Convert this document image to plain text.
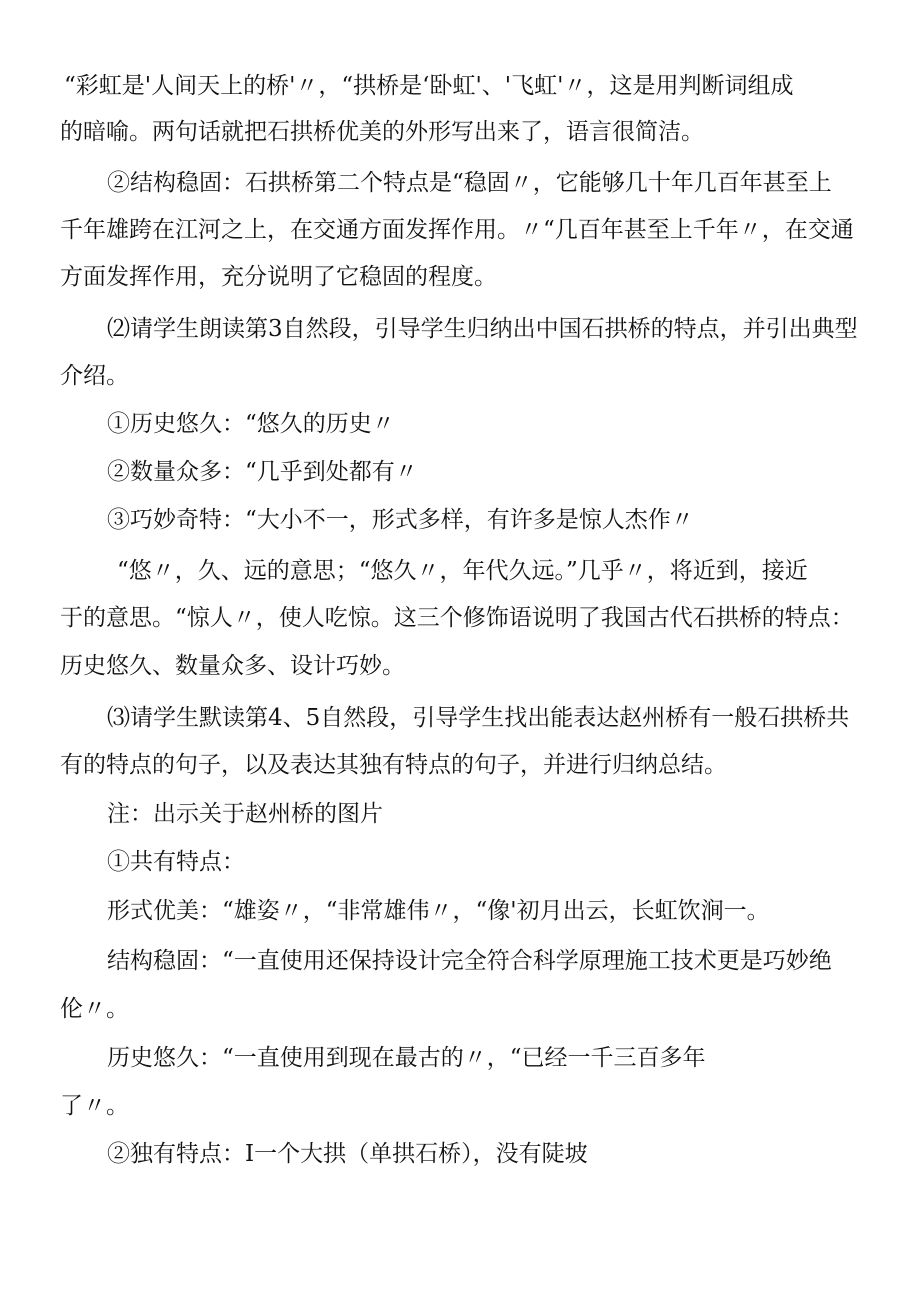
“彩虹是'人间天上的桥'〃，“拱桥是‘卧虹'、'飞虹'〃，这是用判断词组成
的暗喻。两句话就把石拱桥优美的外形写出来了，语言很简洁。
②结构稳固：石拱桥第二个特点是“稳固〃，它能够几十年几百年甚至上
千年雄跨在江河之上，在交通方面发挥作用。〃“几百年甚至上千年〃，在交通
方面发挥作用，充分说明了它稳固的程度。
⑵请学生朗读第3自然段，引导学生归纳出中国石拱桥的特点，并引出典型
介绍。
①历史悠久：“悠久的历史〃
②数量众多：“几乎到处都有〃
③巧妙奇特：“大小不一，形式多样，有许多是惊人杰作〃
“悠〃，久、远的意思；“悠久〃，年代久远。”几乎〃，将近到，接近
于的意思。“惊人〃，使人吃惊。这三个修饰语说明了我国古代石拱桥的特点：
历史悠久、数量众多、设计巧妙。
⑶请学生默读第4、5自然段，引导学生找出能表达赵州桥有一般石拱桥共
有的特点的句子，以及表达其独有特点的句子，并进行归纳总结。
注：出示关于赵州桥的图片
①共有特点：
形式优美：“雄姿〃，“非常雄伟〃，“像'初月出云，长虹饮涧一。
结构稳固：“一直使用还保持设计完全符合科学原理施工技术更是巧妙绝
伦〃。
历史悠久：“一直使用到现在最古的〃，“已经一千三百多年
了〃。
②独有特点：I一个大拱（单拱石桥），没有陡坡
